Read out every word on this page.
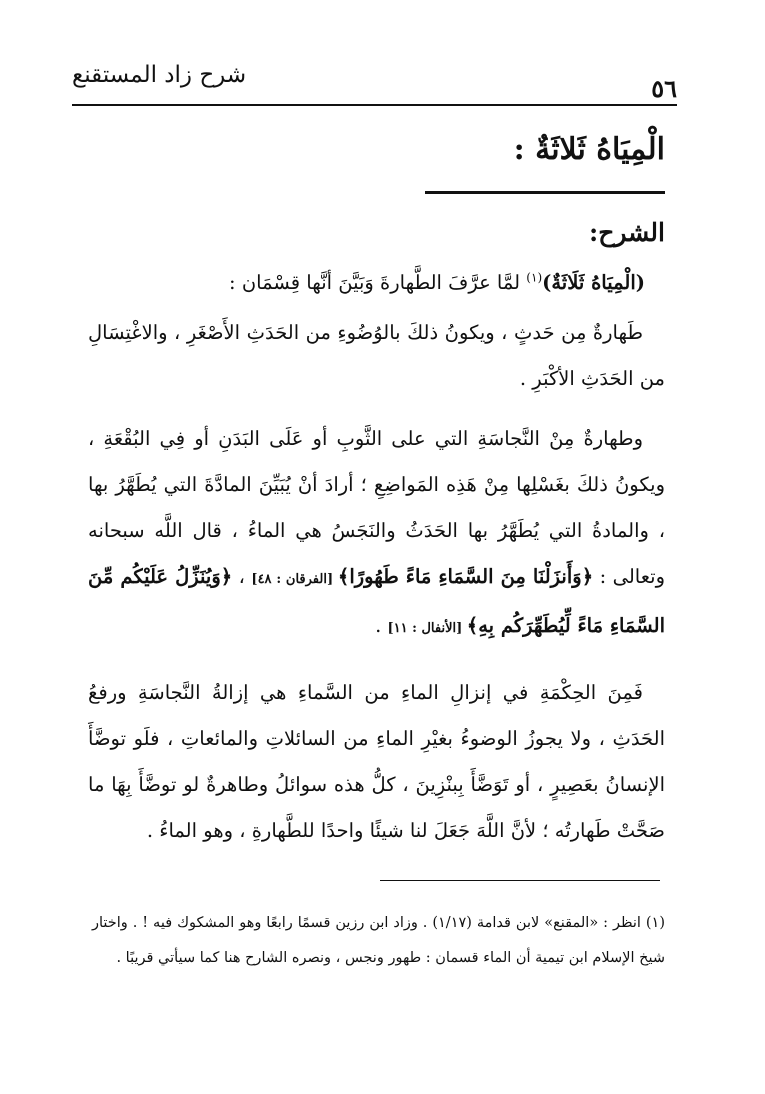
٥٦
شرح زاد المستقنع
الْمِيَاهُ ثَلاثَةٌ :
الشرح:

(الْمِيَاهُ ثَلَاثَةٌ)$^{(١)}$ لمَّا عرَّفَ الطَّهارةَ وَبَيَّنَ أنَّها قِسْمَان :

طَهارةٌ مِن حَدثٍ ، ويكونُ ذلكَ بالوُضُوءِ من الحَدَثِ الأَصْغَرِ ، والاغْتِسَالِ من الحَدَثِ الأكْبَرِ .

وطهارةٌ مِنْ النَّجاسَةِ التي على الثَّوبِ أو عَلَى البَدَنِ أو فِي البُقْعَةِ ، ويكونُ ذلكَ بغَسْلِها مِنْ هَذِه المَواضِعِ ؛ أرادَ أنْ يُبَيِّنَ المادَّةَ التي يُطَهَّرُ بها ، والمادةُ التي يُطَهَّرُ بها الحَدَثُ والنَجَسُ هي الماءُ ، قال اللَّه سبحانه وتعالى : ﴿وَأَنزَلْنَا مِنَ السَّمَاءِ مَاءً طَهُورًا﴾ [الفرقان : ٤٨] ، ﴿وَيُنَزِّلُ عَلَيْكُم مِّنَ السَّمَاءِ مَاءً لِّيُطَهِّرَكُم بِهِ﴾ [الأنفال : ١١] .

فَمِنَ الحِكْمَةِ في إنزالِ الماءِ من السَّماءِ هي إزالةُ النَّجاسَةِ ورفعُ الحَدَثِ ، ولا يجوزُ الوضوءُ بغيْرِ الماءِ من السائلاتِ والمائعاتِ ، فلَو توضَّأَ الإنسانُ بعَصِيرٍ ، أو تَوَضَّأَ بِبنْزِينَ ، كلُّ هذه سوائلُ وطاهرةٌ لو توضَّأَ بِهَا ما صَحَّتْ طَهارتُه ؛ لأنَّ اللَّهَ جَعَلَ لنا شيئًا واحدًا للطَّهارةِ ، وهو الماءُ .

(١) انظر : «المقنع» لابن قدامة (١/١٧) . وزاد ابن رزين قسمًا رابعًا وهو المشكوك فيه ! . واختار شيخ الإسلام ابن تيمية أن الماء قسمان : طهور ونجس ، ونصره الشارح هنا كما سيأتي قريبًا .
